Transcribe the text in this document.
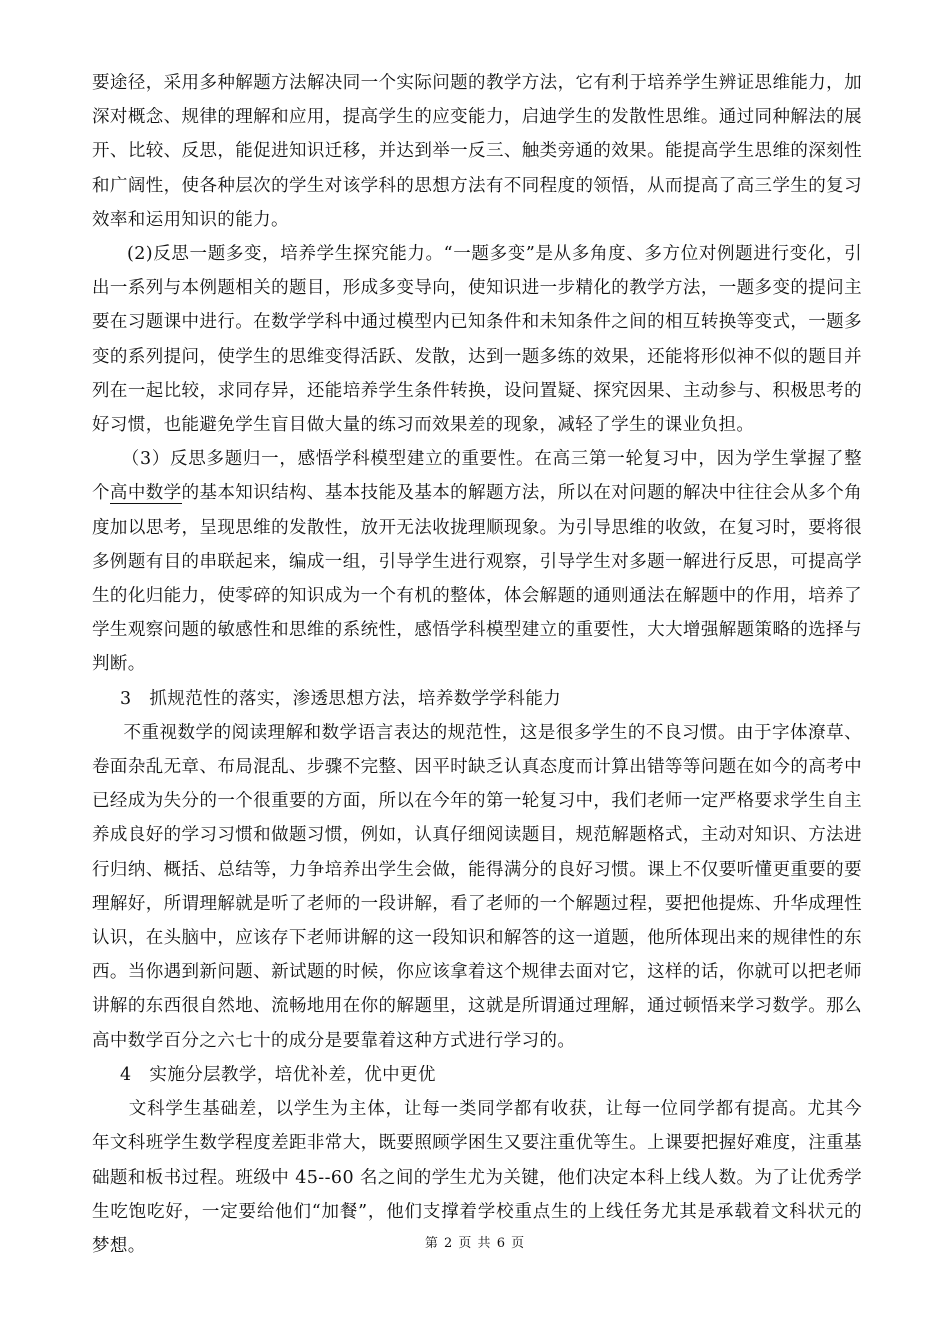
要途径，采用多种解题方法解决同一个实际问题的教学方法，它有利于培养学生辨证思维能力，加深对概念、规律的理解和应用，提高学生的应变能力，启迪学生的发散性思维。通过同种解法的展开、比较、反思，能促进知识迁移，并达到举一反三、触类旁通的效果。能提高学生思维的深刻性和广阔性，使各种层次的学生对该学科的思想方法有不同程度的领悟，从而提高了高三学生的复习效率和运用知识的能力。

(2)反思一题多变，培养学生探究能力。“一题多变”是从多角度、多方位对例题进行变化，引出一系列与本例题相关的题目，形成多变导向，使知识进一步精化的教学方法，一题多变的提问主要在习题课中进行。在数学学科中通过模型内已知条件和未知条件之间的相互转换等变式，一题多变的系列提问，使学生的思维变得活跃、发散，达到一题多练的效果，还能将形似神不似的题目并列在一起比较，求同存异，还能培养学生条件转换，设问置疑、探究因果、主动参与、积极思考的好习惯，也能避免学生盲目做大量的练习而效果差的现象，减轻了学生的课业负担。

（3）反思多题归一，感悟学科模型建立的重要性。在高三第一轮复习中，因为学生掌握了整个高中数学的基本知识结构、基本技能及基本的解题方法，所以在对问题的解决中往往会从多个角度加以思考，呈现思维的发散性，放开无法收拢理顺现象。为引导思维的收敛，在复习时，要将很多例题有目的串联起来，编成一组，引导学生进行观察，引导学生对多题一解进行反思，可提高学生的化归能力，使零碎的知识成为一个有机的整体，体会解题的通则通法在解题中的作用，培养了学生观察问题的敏感性和思维的系统性，感悟学科模型建立的重要性，大大增强解题策略的选择与判断。

3　抓规范性的落实，渗透思想方法，培养数学学科能力

不重视数学的阅读理解和数学语言表达的规范性，这是很多学生的不良习惯。由于字体潦草、卷面杂乱无章、布局混乱、步骤不完整、因平时缺乏认真态度而计算出错等等问题在如今的高考中已经成为失分的一个很重要的方面，所以在今年的第一轮复习中，我们老师一定严格要求学生自主养成良好的学习习惯和做题习惯，例如，认真仔细阅读题目，规范解题格式，主动对知识、方法进行归纳、概括、总结等，力争培养出学生会做，能得满分的良好习惯。课上不仅要听懂更重要的要理解好，所谓理解就是听了老师的一段讲解，看了老师的一个解题过程，要把他提炼、升华成理性认识，在头脑中，应该存下老师讲解的这一段知识和解答的这一道题，他所体现出来的规律性的东西。当你遇到新问题、新试题的时候，你应该拿着这个规律去面对它，这样的话，你就可以把老师讲解的东西很自然地、流畅地用在你的解题里，这就是所谓通过理解，通过顿悟来学习数学。那么高中数学百分之六七十的成分是要靠着这种方式进行学习的。

4　实施分层教学，培优补差，优中更优

文科学生基础差，以学生为主体，让每一类同学都有收获，让每一位同学都有提高。尤其今年文科班学生数学程度差距非常大，既要照顾学困生又要注重优等生。上课要把握好难度，注重基础题和板书过程。班级中 45--60 名之间的学生尤为关键，他们决定本科上线人数。为了让优秀学生吃饱吃好，一定要给他们“加餐”，他们支撑着学校重点生的上线任务尤其是承载着文科状元的梦想。	第 2 页 共 6 页
